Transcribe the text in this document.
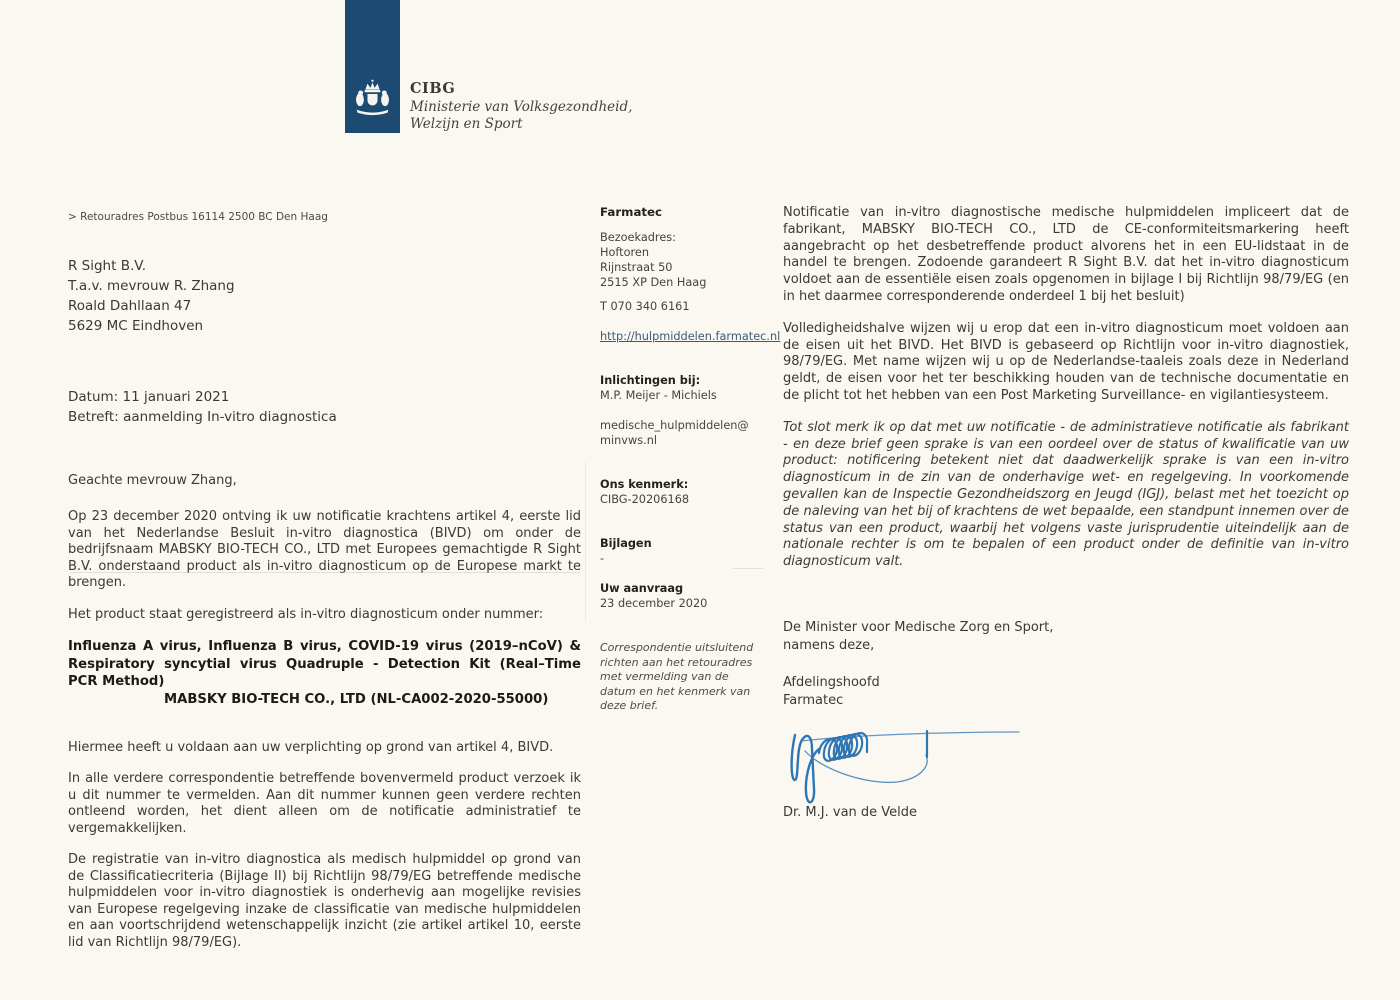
CIBG
Ministerie van Volksgezondheid,
Welzijn en Sport
> Retouradres Postbus 16114 2500 BC Den Haag
R Sight B.V.
T.a.v. mevrouw R. Zhang
Roald Dahllaan 47
5629 MC Eindhoven
Datum: 11 januari 2021
Betreft: aanmelding In-vitro diagnostica
Geachte mevrouw Zhang,

Op 23 december 2020 ontving ik uw notificatie krachtens artikel 4, eerste lid van het Nederlandse Besluit in-vitro diagnostica (BIVD) om onder de bedrijfsnaam MABSKY BIO-TECH CO., LTD met Europees gemachtigde R Sight B.V. onderstaand product als in-vitro diagnosticum op de Europese markt te brengen.

Het product staat geregistreerd als in-vitro diagnosticum onder nummer:

Influenza A virus, Influenza B virus, COVID-19 virus (2019–nCoV) & Respiratory syncytial virus Quadruple - Detection Kit (Real–Time PCR Method)

MABSKY BIO-TECH CO., LTD (NL-CA002-2020-55000)

Hiermee heeft u voldaan aan uw verplichting op grond van artikel 4, BIVD.

In alle verdere correspondentie betreffende bovenvermeld product verzoek ik u dit nummer te vermelden. Aan dit nummer kunnen geen verdere rechten ontleend worden, het dient alleen om de notificatie administratief te vergemakkelijken.

De registratie van in-vitro diagnostica als medisch hulpmiddel op grond van de Classificatiecriteria (Bijlage II) bij Richtlijn 98/79/EG betreffende medische hulpmiddelen voor in-vitro diagnostiek is onderhevig aan mogelijke revisies van Europese regelgeving inzake de classificatie van medische hulpmiddelen en aan voortschrijdend wetenschappelijk inzicht (zie artikel artikel 10, eerste lid van Richtlijn 98/79/EG).

Farmatec
Bezoekadres:
Hoftoren
Rijnstraat 50
2515 XP Den Haag
T 070 340 6161
http://hulpmiddelen.farmatec.nl
Inlichtingen bij:
M.P. Meijer - Michiels
medische_hulpmiddelen@
minvws.nl
Ons kenmerk:
CIBG-20206168
Bijlagen
-
Uw aanvraag
23 december 2020
Correspondentie uitsluitend richten aan het retouradres met vermelding van de datum en het kenmerk van deze brief.

Notificatie van in-vitro diagnostische medische hulpmiddelen impliceert dat de fabrikant, MABSKY BIO-TECH CO., LTD de CE-conformiteitsmarkering heeft aangebracht op het desbetreffende product alvorens het in een EU-lidstaat in de handel te brengen. Zodoende garandeert R Sight B.V. dat het in-vitro diagnosticum voldoet aan de essentiële eisen zoals opgenomen in bijlage I bij Richtlijn 98/79/EG (en in het daarmee corresponderende onderdeel 1 bij het besluit)

Volledigheidshalve wijzen wij u erop dat een in-vitro diagnosticum moet voldoen aan de eisen uit het BIVD. Het BIVD is gebaseerd op Richtlijn voor in-vitro diagnostiek, 98/79/EG. Met name wijzen wij u op de Nederlandse-taaleis zoals deze in Nederland geldt, de eisen voor het ter beschikking houden van de technische documentatie en de plicht tot het hebben van een Post Marketing Surveillance- en vigilantiesysteem.

Tot slot merk ik op dat met uw notificatie - de administratieve notificatie als fabrikant - en deze brief geen sprake is van een oordeel over de status of kwalificatie van uw product: notificering betekent niet dat daadwerkelijk sprake is van een in-vitro diagnosticum in de zin van de onderhavige wet- en regelgeving. In voorkomende gevallen kan de Inspectie Gezondheidszorg en Jeugd (IGJ), belast met het toezicht op de naleving van het bij of krachtens de wet bepaalde, een standpunt innemen over de status van een product, waarbij het volgens vaste jurisprudentie uiteindelijk aan de nationale rechter is om te bepalen of een product onder de definitie van in-vitro diagnosticum valt.

De Minister voor Medische Zorg en Sport,
namens deze,
Afdelingshoofd
Farmatec
Dr. M.J. van de Velde
